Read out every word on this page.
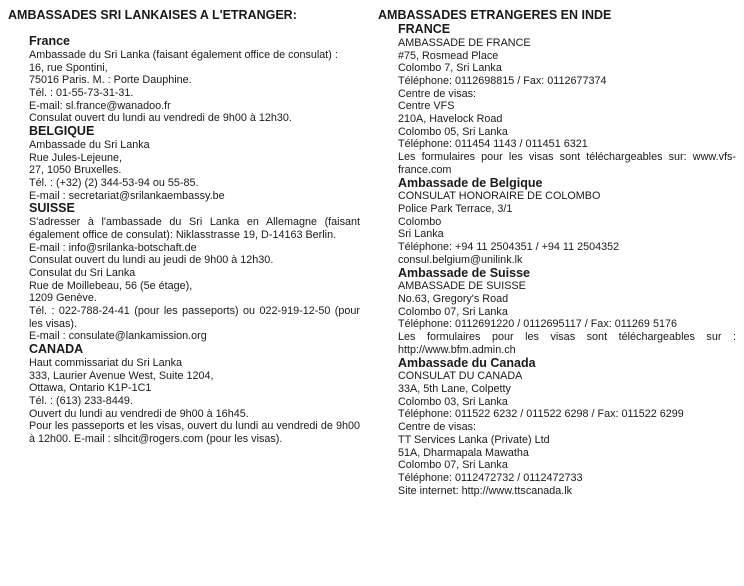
AMBASSADES SRI LANKAISES A L'ETRANGER:
France
Ambassade du Sri Lanka (faisant également office de consulat) :
16, rue Spontini,
75016 Paris. M. : Porte Dauphine.
Tél. : 01-55-73-31-31.
E-mail: sl.france@wanadoo.fr
Consulat ouvert du lundi au vendredi de 9h00 à 12h30.
BELGIQUE
Ambassade du Sri Lanka
Rue Jules-Lejeune,
27, 1050 Bruxelles.
Tél. : (+32) (2) 344-53-94 ou 55-85.
E-mail : secretariat@srilankaembassy.be
SUISSE
S'adresser à l'ambassade du Sri Lanka en Allemagne (faisant également office de consulat): Niklasstrasse 19, D-14163 Berlin.
E-mail : info@srilanka-botschaft.de
Consulat ouvert du lundi au jeudi de 9h00 à 12h30.
Consulat du Sri Lanka
Rue de Moillebeau, 56 (5e étage),
1209 Genève.
Tél. : 022-788-24-41 (pour les passeports) ou 022-919-12-50 (pour les visas).
E-mail : consulate@lankamission.org
CANADA
Haut commissariat du Sri Lanka
333, Laurier Avenue West, Suite 1204,
Ottawa, Ontario K1P-1C1
Tél. : (613) 233-8449.
Ouvert du lundi au vendredi de 9h00 à 16h45.
Pour les passeports et les visas, ouvert du lundi au vendredi de 9h00 à 12h00. E-mail : slhcit@rogers.com (pour les visas).
AMBASSADES ETRANGERES EN INDE
FRANCE
AMBASSADE DE FRANCE
#75, Rosmead Place
Colombo 7, Sri Lanka
Téléphone: 0112698815 / Fax: 0112677374
Centre de visas:
Centre VFS
210A, Havelock Road
Colombo 05, Sri Lanka
Téléphone: 011454 1143 / 011451 6321
Les formulaires pour les visas sont téléchargeables sur: www.vfs-france.com
Ambassade de Belgique
CONSULAT HONORAIRE DE COLOMBO
Police Park Terrace, 3/1
Colombo
Sri Lanka
Téléphone: +94 11 2504351 / +94 11 2504352
consul.belgium@unilink.lk
Ambassade de Suisse
AMBASSADE DE SUISSE
No.63, Gregory's Road
Colombo 07, Sri Lanka
Téléphone: 0112691220 / 0112695117 / Fax: 011269 5176
Les formulaires pour les visas sont téléchargeables sur : http://www.bfm.admin.ch
Ambassade du Canada
CONSULAT DU CANADA
33A, 5th Lane, Colpetty
Colombo 03, Sri Lanka
Téléphone: 011522 6232 / 011522 6298 / Fax: 011522 6299
Centre de visas:
TT Services Lanka (Private) Ltd
51A, Dharmapala Mawatha
Colombo 07, Sri Lanka
Téléphone: 0112472732 / 0112472733
Site internet: http://www.ttscanada.lk
